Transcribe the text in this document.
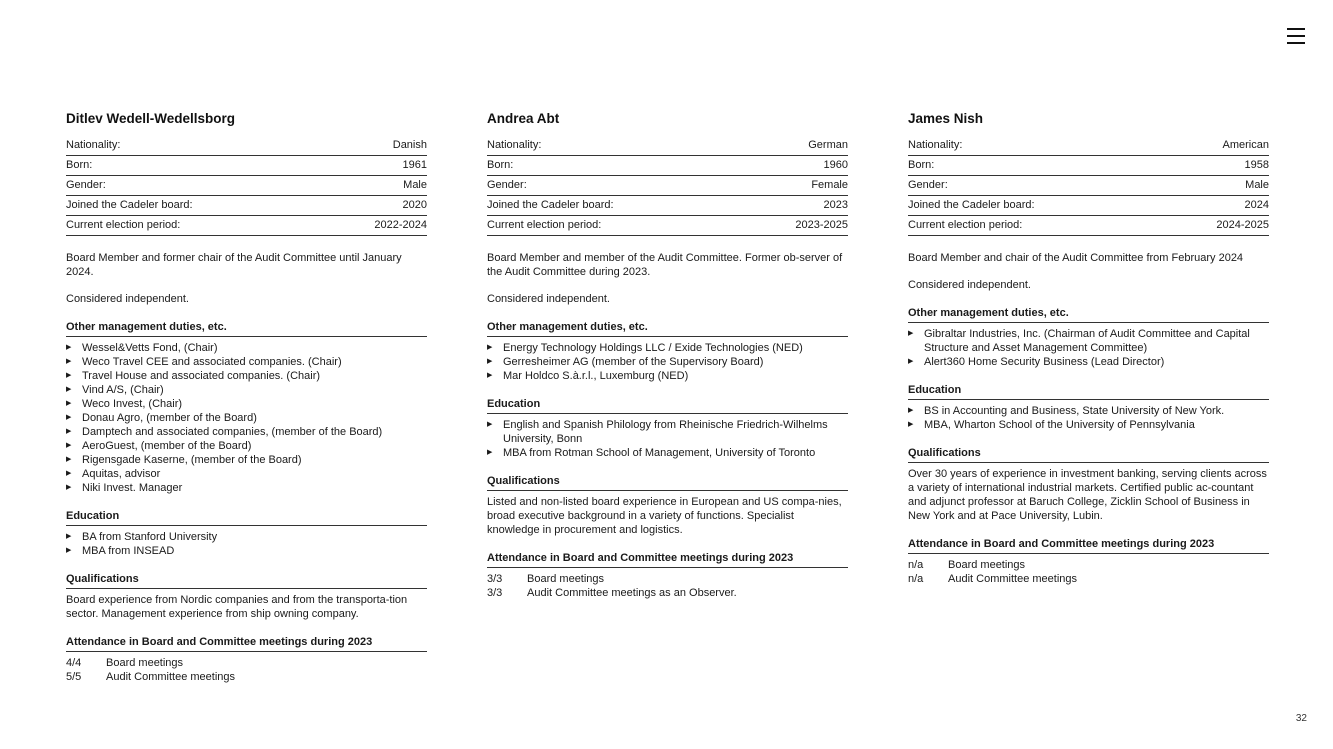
Ditlev Wedell-Wedellsborg
Nationality:	Danish
Born:	1961
Gender:	Male
Joined the Cadeler board:	2020
Current election period:	2022-2024

Board Member and former chair of the Audit Committee until January 2024.

Considered independent.

Other management duties, etc.
▶ Wessel&Vetts Fond, (Chair)
▶ Weco Travel CEE and associated companies. (Chair)
▶ Travel House and associated companies. (Chair)
▶ Vind A/S, (Chair)
▶ Weco Invest, (Chair)
▶ Donau Agro, (member of the Board)
▶ Damptech and associated companies, (member of the Board)
▶ AeroGuest, (member of the Board)
▶ Rigensgade Kaserne, (member of the Board)
▶ Aquitas, advisor
▶ Niki Invest. Manager
Education
▶ BA from Stanford University
▶ MBA from INSEAD
Qualifications

Board experience from Nordic companies and from the transporta-tion sector. Management experience from ship owning company.

Attendance in Board and Committee meetings during 2023
4/4	Board meetings
5/5	Audit Committee meetings
Andrea Abt
Nationality:	German
Born:	1960
Gender:	Female
Joined the Cadeler board:	2023
Current election period:	2023-2025

Board Member and member of the Audit Committee. Former ob-server of the Audit Committee during 2023.

Considered independent.

Other management duties, etc.
▶ Energy Technology Holdings LLC / Exide Technologies (NED)
▶ Gerresheimer AG (member of the Supervisory Board)
▶ Mar Holdco S.à.r.l., Luxemburg (NED)
Education
▶ English and Spanish Philology from Rheinische Friedrich-Wilhelms University, Bonn
▶ MBA from Rotman School of Management, University of Toronto
Qualifications

Listed and non-listed board experience in European and US compa-nies, broad executive background in a variety of functions. Specialist knowledge in procurement and logistics.

Attendance in Board and Committee meetings during 2023
3/3	Board meetings
3/3	Audit Committee meetings as an Observer.
James Nish
Nationality:	American
Born:	1958
Gender:	Male
Joined the Cadeler board:	2024
Current election period:	2024-2025

Board Member and chair of the Audit Committee from February 2024

Considered independent.

Other management duties, etc.
▶ Gibraltar Industries, Inc. (Chairman of Audit Committee and Capital Structure and Asset Management Committee)
▶ Alert360 Home Security Business (Lead Director)
Education
▶ BS in Accounting and Business, State University of New York.
▶ MBA, Wharton School of the University of Pennsylvania
Qualifications

Over 30 years of experience in investment banking, serving clients across a variety of international industrial markets. Certified public ac-countant and adjunct professor at Baruch College, Zicklin School of Business in New York and at Pace University, Lubin.

Attendance in Board and Committee meetings during 2023
n/a	Board meetings
n/a	Audit Committee meetings
32
